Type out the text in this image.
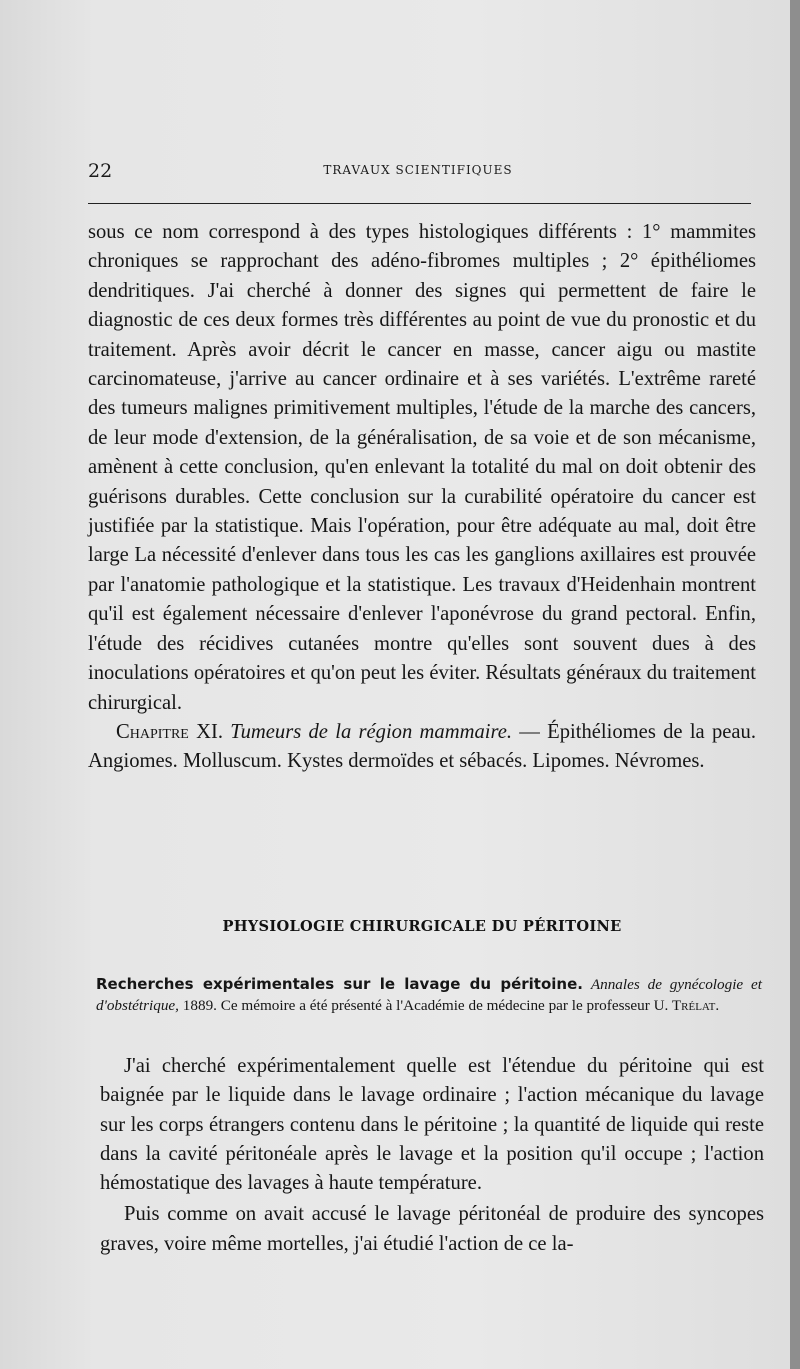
22	TRAVAUX SCIENTIFIQUES

sous ce nom correspond à des types histologiques différents : 1° mammites chroniques se rapprochant des adéno-fibromes multiples ; 2° épithéliomes dendritiques. J'ai cherché à donner des signes qui permettent de faire le diagnostic de ces deux formes très différentes au point de vue du pronostic et du traitement. Après avoir décrit le cancer en masse, cancer aigu ou mastite carcinomateuse, j'arrive au cancer ordinaire et à ses variétés. L'extrême rareté des tumeurs malignes primitivement multiples, l'étude de la marche des cancers, de leur mode d'extension, de la généralisation, de sa voie et de son mécanisme, amènent à cette conclusion, qu'en enlevant la totalité du mal on doit obtenir des guérisons durables. Cette conclusion sur la curabilité opératoire du cancer est justifiée par la statistique. Mais l'opération, pour être adéquate au mal, doit être large La nécessité d'enlever dans tous les cas les ganglions axillaires est prouvée par l'anatomie pathologique et la statistique. Les travaux d'Heidenhain montrent qu'il est également nécessaire d'enlever l'aponévrose du grand pectoral. Enfin, l'étude des récidives cutanées montre qu'elles sont souvent dues à des inoculations opératoires et qu'on peut les éviter. Résultats généraux du traitement chirurgical.

Chapitre XI. Tumeurs de la région mammaire. — Épithéliomes de la peau. Angiomes. Molluscum. Kystes dermoïdes et sébacés. Lipomes. Névromes.

PHYSIOLOGIE CHIRURGICALE DU PÉRITOINE

Recherches expérimentales sur le lavage du péritoine. Annales de gynécologie et d'obstétrique, 1889. Ce mémoire a été présenté à l'Académie de médecine par le professeur U. Trélat.

J'ai cherché expérimentalement quelle est l'étendue du péritoine qui est baignée par le liquide dans le lavage ordinaire ; l'action mécanique du lavage sur les corps étrangers contenu dans le péritoine ; la quantité de liquide qui reste dans la cavité péritonéale après le lavage et la position qu'il occupe ; l'action hémostatique des lavages à haute température.

Puis comme on avait accusé le lavage péritonéal de produire des syncopes graves, voire même mortelles, j'ai étudié l'action de ce la-
